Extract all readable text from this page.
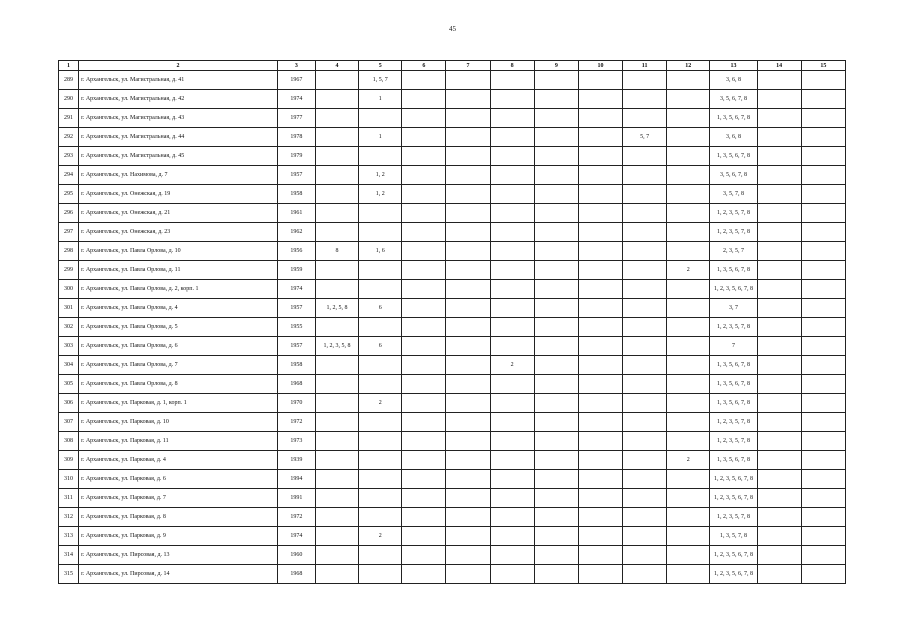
45
1	2	3	4	5	6	7	8	9	10	11	12	13	14	15
289	г. Архангельск, ул. Магистральная, д. 41	1967		1, 5, 7								3, 6, 8		
290	г. Архангельск, ул. Магистральная, д. 42	1974		1								3, 5, 6, 7, 8		
291	г. Архангельск, ул. Магистральная, д. 43	1977										1, 3, 5, 6, 7, 8		
292	г. Архангельск, ул. Магистральная, д. 44	1978		1						5, 7		3, 6, 8		
293	г. Архангельск, ул. Магистральная, д. 45	1979										1, 3, 5, 6, 7, 8		
294	г. Архангельск, ул. Нахимова, д. 7	1957		1, 2								3, 5, 6, 7, 8		
295	г. Архангельск, ул. Онежская, д. 19	1958		1, 2								3, 5, 7, 8		
296	г. Архангельск, ул. Онежская, д. 21	1961										1, 2, 3, 5, 7, 8		
297	г. Архангельск, ул. Онежская, д. 23	1962										1, 2, 3, 5, 7, 8		
298	г. Архангельск, ул. Павла Орлова, д. 10	1956	8	1, 6								2, 3, 5, 7		
299	г. Архангельск, ул. Павла Орлова, д. 11	1959									2	1, 3, 5, 6, 7, 8		
300	г. Архангельск, ул. Павла Орлова, д. 2, корп. 1	1974										1, 2, 3, 5, 6, 7, 8		
301	г. Архангельск, ул. Павла Орлова, д. 4	1957	1, 2, 5, 8	6								3, 7		
302	г. Архангельск, ул. Павла Орлова, д. 5	1955										1, 2, 3, 5, 7, 8		
303	г. Архангельск, ул. Павла Орлова, д. 6	1957	1, 2, 3, 5, 8	6								7		
304	г. Архангельск, ул. Павла Орлова, д. 7	1958					2					1, 3, 5, 6, 7, 8		
305	г. Архангельск, ул. Павла Орлова, д. 8	1968										1, 3, 5, 6, 7, 8		
306	г. Архангельск, ул. Парковая, д. 1, корп. 1	1970		2								1, 3, 5, 6, 7, 8		
307	г. Архангельск, ул. Парковая, д. 10	1972										1, 2, 3, 5, 7, 8		
308	г. Архангельск, ул. Парковая, д. 11	1973										1, 2, 3, 5, 7, 8		
309	г. Архангельск, ул. Парковая, д. 4	1939									2	1, 3, 5, 6, 7, 8		
310	г. Архангельск, ул. Парковая, д. 6	1994										1, 2, 3, 5, 6, 7, 8		
311	г. Архангельск, ул. Парковая, д. 7	1991										1, 2, 3, 5, 6, 7, 8		
312	г. Архангельск, ул. Парковая, д. 8	1972										1, 2, 3, 5, 7, 8		
313	г. Архангельск, ул. Парковая, д. 9	1974		2								1, 3, 5, 7, 8		
314	г. Архангельск, ул. Пирсовая, д. 13	1960										1, 2, 3, 5, 6, 7, 8		
315	г. Архангельск, ул. Пирсовая, д. 14	1968										1, 2, 3, 5, 6, 7, 8		
